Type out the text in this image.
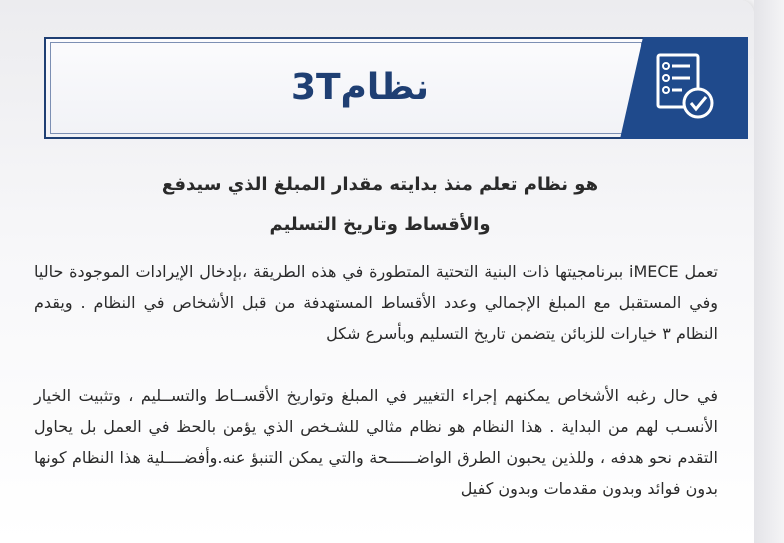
نظام3T
هو نظام تعلم منذ بدايته مقدار المبلغ الذي سيدفع
والأقساط وتاريخ التسليم

تعمل iMECE ببرنامجيتها ذات البنية التحتية المتطورة في هذه الطريقة ،بإدخال الإيرادات الموجودة حاليا وفي المستقبل مع المبلغ الإجمالي وعدد الأقساط المستهدفة من قبل الأشخاص في النظام . ويقدم النظام ٣ خيارات للزبائن يتضمن تاريخ التسليم وبأسرع شكل

في حال رغبه الأشخاص يمكنهم إجراء التغيير في المبلغ وتواريخ الأقســاط والتســليم ، وتثبيت الخيار الأنسـب لهم من البداية . هذا النظام هو نظام مثالي للشـخص الذي يؤمن بالحظ في العمل بل يحاول التقدم نحو هدفه ، وللذين يحبون الطرق الواضــــــحة والتي يمكن التنبؤ عنه.وأفضــــلية هذا النظام كونها بدون فوائد وبدون مقدمات وبدون كفيل
